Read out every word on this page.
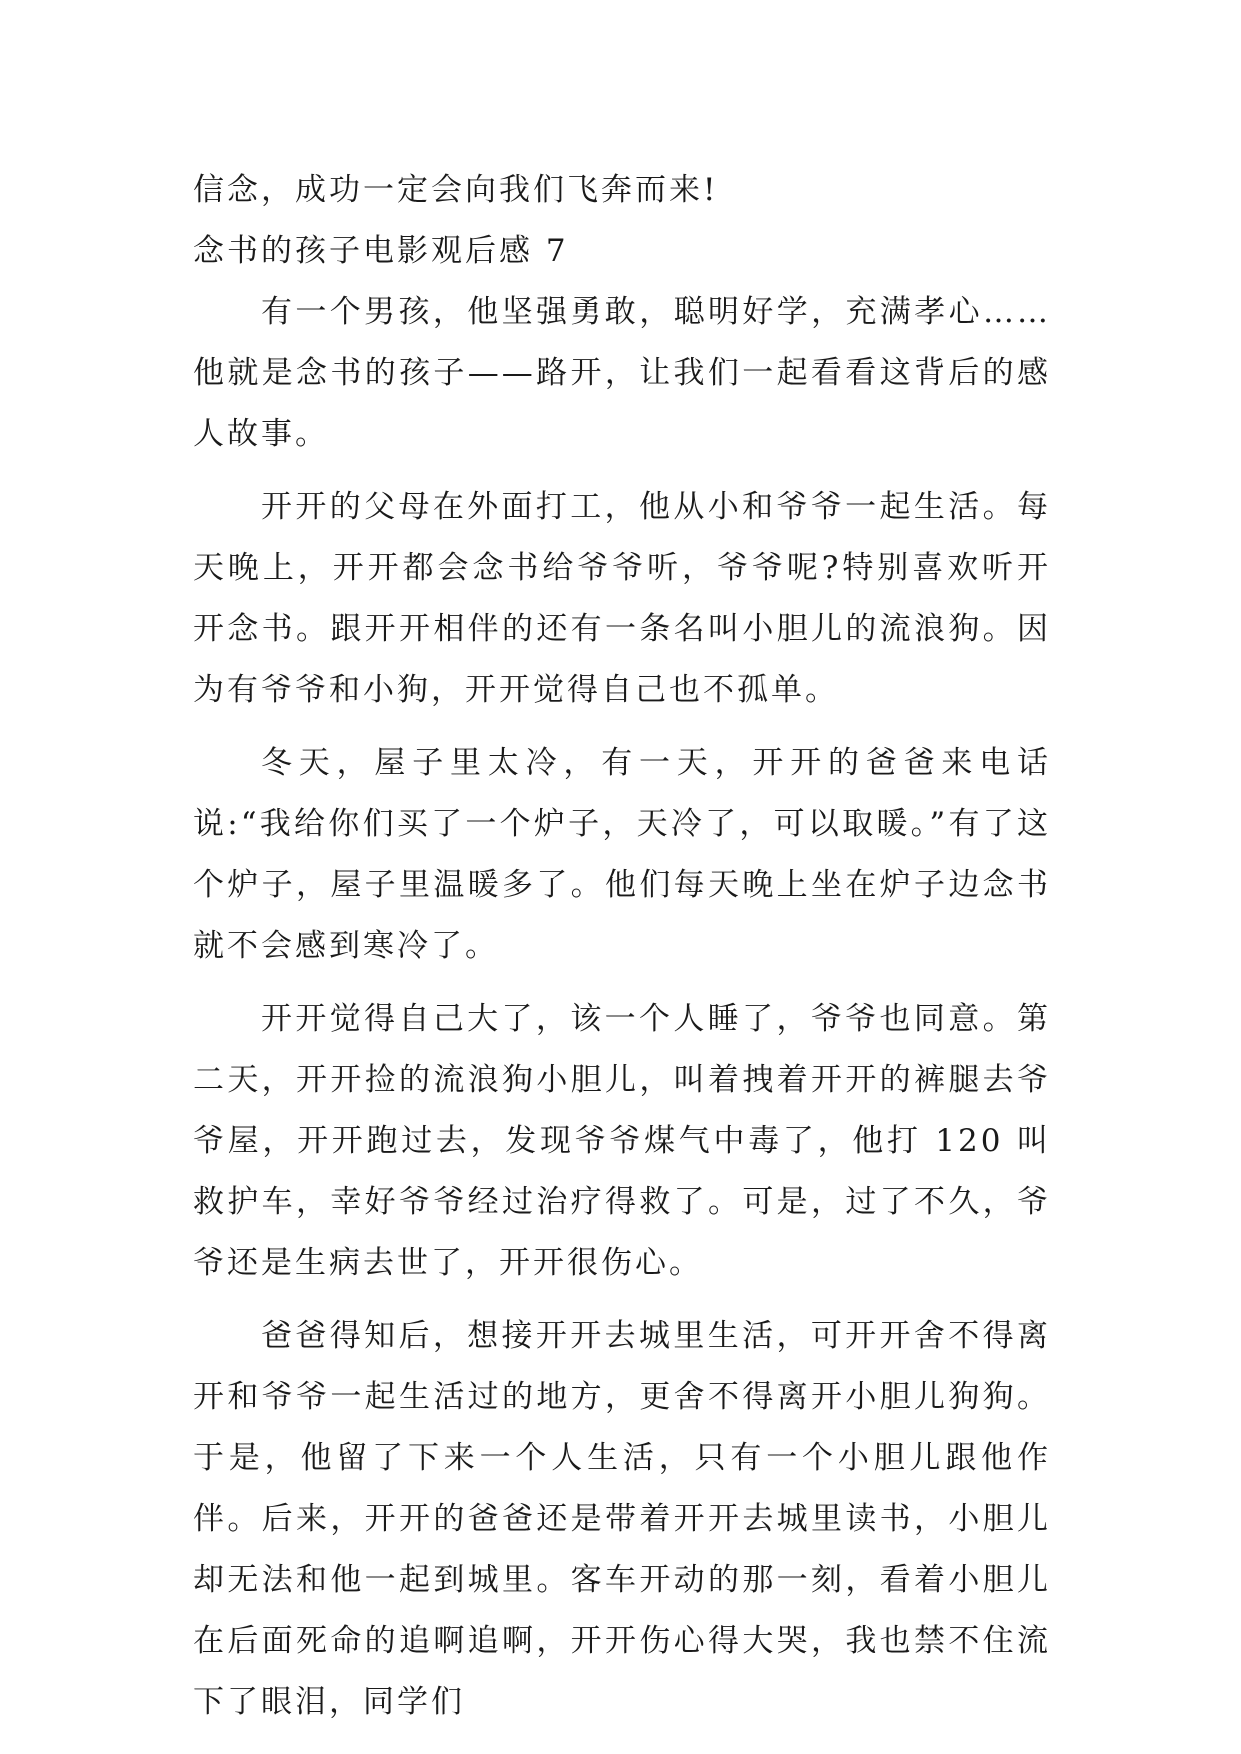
信念，成功一定会向我们飞奔而来!

念书的孩子电影观后感 7

有一个男孩，他坚强勇敢，聪明好学，充满孝心……他就是念书的孩子——路开，让我们一起看看这背后的感人故事。

开开的父母在外面打工，他从小和爷爷一起生活。每天晚上，开开都会念书给爷爷听，爷爷呢?特别喜欢听开开念书。跟开开相伴的还有一条名叫小胆儿的流浪狗。因为有爷爷和小狗，开开觉得自己也不孤单。

冬天，屋子里太冷，有一天，开开的爸爸来电话说:“我给你们买了一个炉子，天冷了，可以取暖。”有了这个炉子，屋子里温暖多了。他们每天晚上坐在炉子边念书就不会感到寒冷了。

开开觉得自己大了，该一个人睡了，爷爷也同意。第二天，开开捡的流浪狗小胆儿，叫着拽着开开的裤腿去爷爷屋，开开跑过去，发现爷爷煤气中毒了，他打 120 叫救护车，幸好爷爷经过治疗得救了。可是，过了不久，爷爷还是生病去世了，开开很伤心。

爸爸得知后，想接开开去城里生活，可开开舍不得离开和爷爷一起生活过的地方，更舍不得离开小胆儿狗狗。于是，他留了下来一个人生活，只有一个小胆儿跟他作伴。后来，开开的爸爸还是带着开开去城里读书，小胆儿却无法和他一起到城里。客车开动的那一刻，看着小胆儿在后面死命的追啊追啊，开开伤心得大哭，我也禁不住流下了眼泪，同学们
